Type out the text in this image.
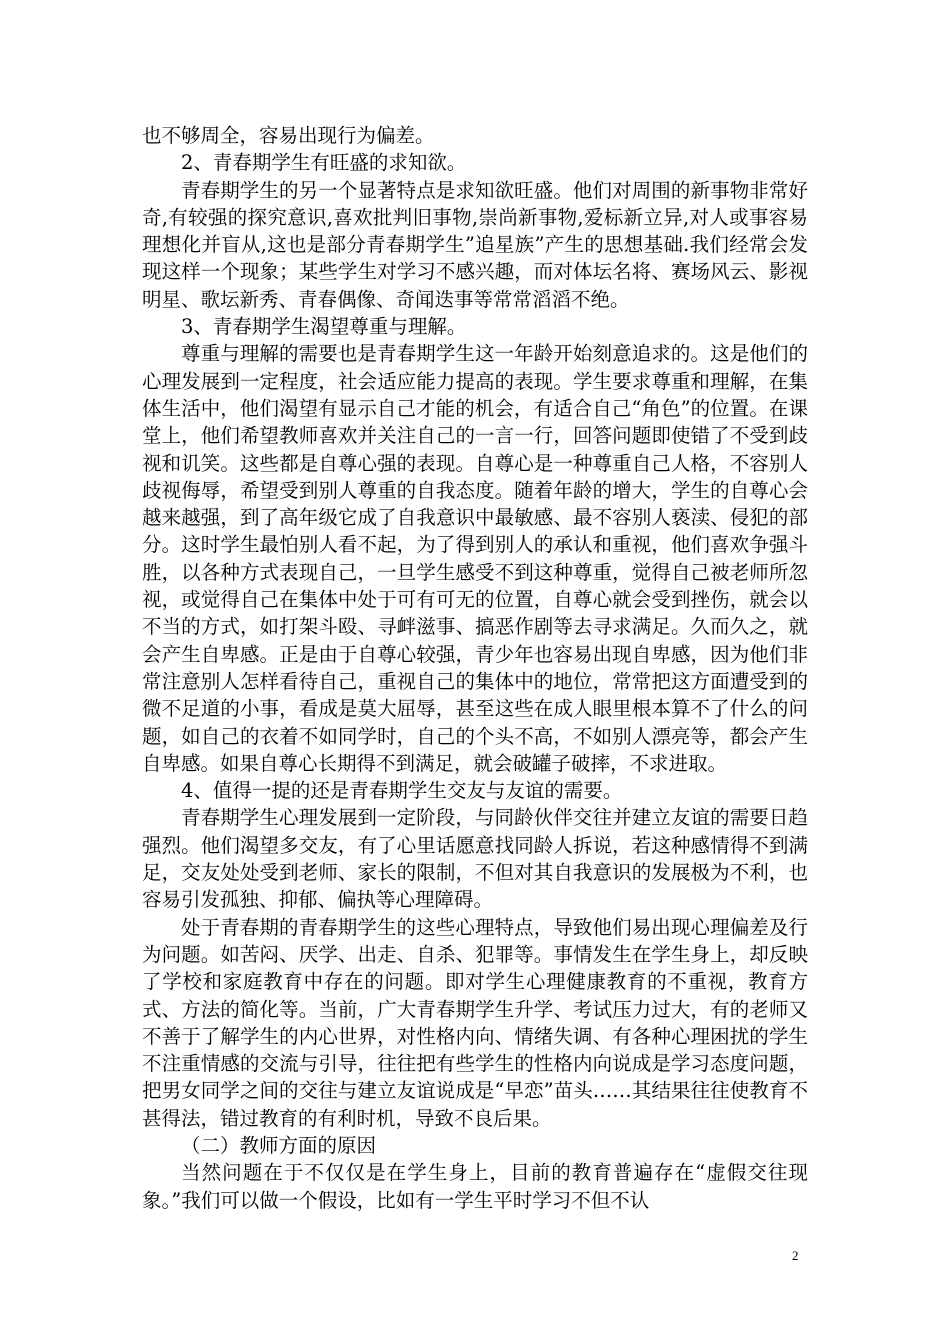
也不够周全，容易出现行为偏差。

2、青春期学生有旺盛的求知欲。

青春期学生的另一个显著特点是求知欲旺盛。他们对周围的新事物非常好奇,有较强的探究意识,喜欢批判旧事物,崇尚新事物,爱标新立异,对人或事容易理想化并盲从,这也是部分青春期学生”追星族”产生的思想基础.我们经常会发现这样一个现象；某些学生对学习不感兴趣，而对体坛名将、赛场风云、影视明星、歌坛新秀、青春偶像、奇闻迭事等常常滔滔不绝。

3、青春期学生渴望尊重与理解。

尊重与理解的需要也是青春期学生这一年龄开始刻意追求的。这是他们的心理发展到一定程度，社会适应能力提高的表现。学生要求尊重和理解，在集体生活中，他们渴望有显示自己才能的机会，有适合自己“角色”的位置。在课堂上，他们希望教师喜欢并关注自己的一言一行，回答问题即使错了不受到歧视和讥笑。这些都是自尊心强的表现。自尊心是一种尊重自己人格，不容别人歧视侮辱，希望受到别人尊重的自我态度。随着年龄的增大，学生的自尊心会越来越强，到了高年级它成了自我意识中最敏感、最不容别人亵渎、侵犯的部分。这时学生最怕别人看不起，为了得到别人的承认和重视，他们喜欢争强斗胜，以各种方式表现自己，一旦学生感受不到这种尊重，觉得自己被老师所忽视，或觉得自己在集体中处于可有可无的位置，自尊心就会受到挫伤，就会以不当的方式，如打架斗殴、寻衅滋事、搞恶作剧等去寻求满足。久而久之，就会产生自卑感。正是由于自尊心较强，青少年也容易出现自卑感，因为他们非常注意别人怎样看待自己，重视自己的集体中的地位，常常把这方面遭受到的微不足道的小事，看成是莫大屈辱，甚至这些在成人眼里根本算不了什么的问题，如自己的衣着不如同学时，自己的个头不高，不如别人漂亮等，都会产生自卑感。如果自尊心长期得不到满足，就会破罐子破摔，不求进取。

4、值得一提的还是青春期学生交友与友谊的需要。

青春期学生心理发展到一定阶段，与同龄伙伴交往并建立友谊的需要日趋强烈。他们渴望多交友，有了心里话愿意找同龄人拆说，若这种感情得不到满足，交友处处受到老师、家长的限制，不但对其自我意识的发展极为不利，也容易引发孤独、抑郁、偏执等心理障碍。

处于青春期的青春期学生的这些心理特点，导致他们易出现心理偏差及行为问题。如苦闷、厌学、出走、自杀、犯罪等。事情发生在学生身上，却反映了学校和家庭教育中存在的问题。即对学生心理健康教育的不重视，教育方式、方法的简化等。当前，广大青春期学生升学、考试压力过大，有的老师又不善于了解学生的内心世界，对性格内向、情绪失调、有各种心理困扰的学生不注重情感的交流与引导，往往把有些学生的性格内向说成是学习态度问题，把男女同学之间的交往与建立友谊说成是“早恋”苗头……其结果往往使教育不甚得法，错过教育的有利时机，导致不良后果。

（二）教师方面的原因

当然问题在于不仅仅是在学生身上，目前的教育普遍存在“虚假交往现象。”我们可以做一个假设，比如有一学生平时学习不但不认

2
